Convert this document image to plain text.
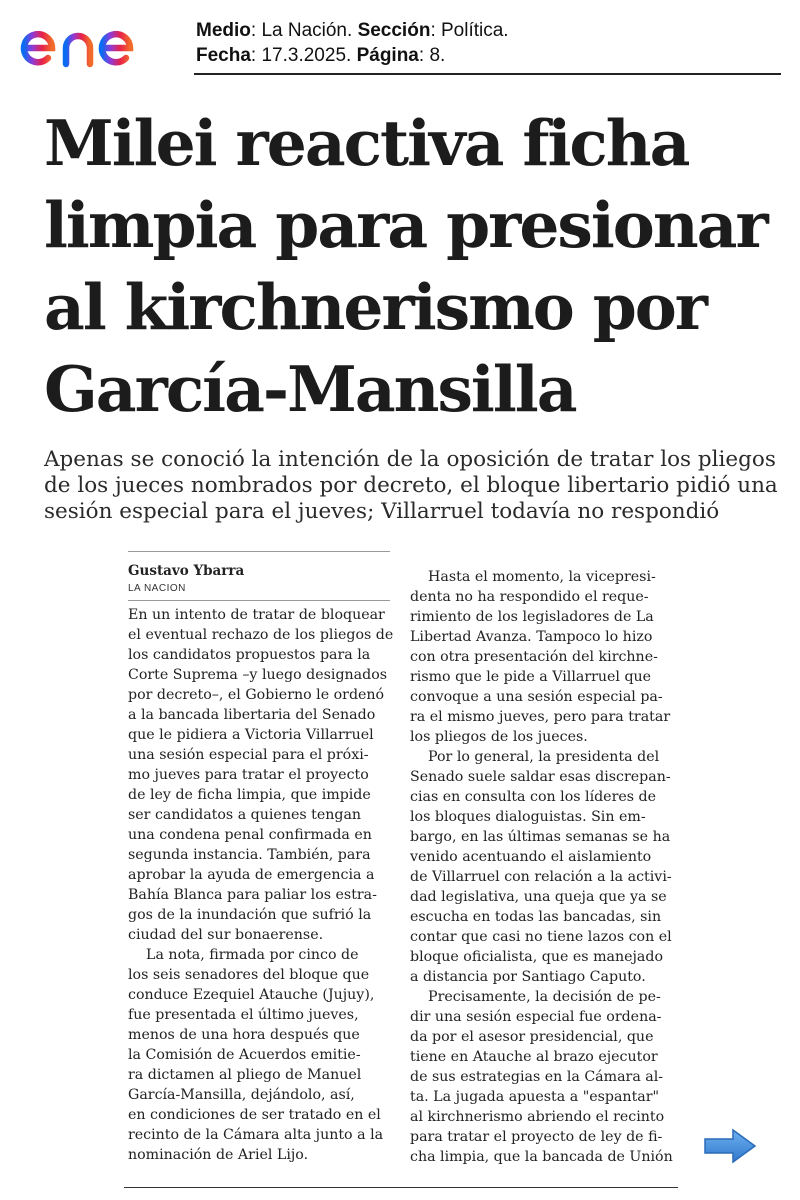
Medio: La Nación. Sección: Política.
Fecha: 17.3.2025. Página: 8.
Milei reactiva ficha
limpia para presionar
al kirchnerismo por
García-Mansilla
Apenas se conoció la intención de la oposición de tratar los pliegos
de los jueces nombrados por decreto, el bloque libertario pidió una
sesión especial para el jueves; Villarruel todavía no respondió
Gustavo Ybarra
LA NACION
En un intento de tratar de bloquear
el eventual rechazo de los pliegos de
los candidatos propuestos para la
Corte Suprema –y luego designados
por decreto–, el Gobierno le ordenó
a la bancada libertaria del Senado
que le pidiera a Victoria Villarruel
una sesión especial para el próxi-
mo jueves para tratar el proyecto
de ley de ficha limpia, que impide
ser candidatos a quienes tengan
una condena penal confirmada en
segunda instancia. También, para
aprobar la ayuda de emergencia a
Bahía Blanca para paliar los estra-
gos de la inundación que sufrió la
ciudad del sur bonaerense.
La nota, firmada por cinco de
los seis senadores del bloque que
conduce Ezequiel Atauche (Jujuy),
fue presentada el último jueves,
menos de una hora después que
la Comisión de Acuerdos emitie-
ra dictamen al pliego de Manuel
García-Mansilla, dejándolo, así,
en condiciones de ser tratado en el
recinto de la Cámara alta junto a la
nominación de Ariel Lijo.
Hasta el momento, la vicepresi-
denta no ha respondido el reque-
rimiento de los legisladores de La
Libertad Avanza. Tampoco lo hizo
con otra presentación del kirchne-
rismo que le pide a Villarruel que
convoque a una sesión especial pa-
ra el mismo jueves, pero para tratar
los pliegos de los jueces.
Por lo general, la presidenta del
Senado suele saldar esas discrepan-
cias en consulta con los líderes de
los bloques dialoguistas. Sin em-
bargo, en las últimas semanas se ha
venido acentuando el aislamiento
de Villarruel con relación a la activi-
dad legislativa, una queja que ya se
escucha en todas las bancadas, sin
contar que casi no tiene lazos con el
bloque oficialista, que es manejado
a distancia por Santiago Caputo.
Precisamente, la decisión de pe-
dir una sesión especial fue ordena-
da por el asesor presidencial, que
tiene en Atauche al brazo ejecutor
de sus estrategias en la Cámara al-
ta. La jugada apuesta a "espantar"
al kirchnerismo abriendo el recinto
para tratar el proyecto de ley de fi-
cha limpia, que la bancada de Unión
